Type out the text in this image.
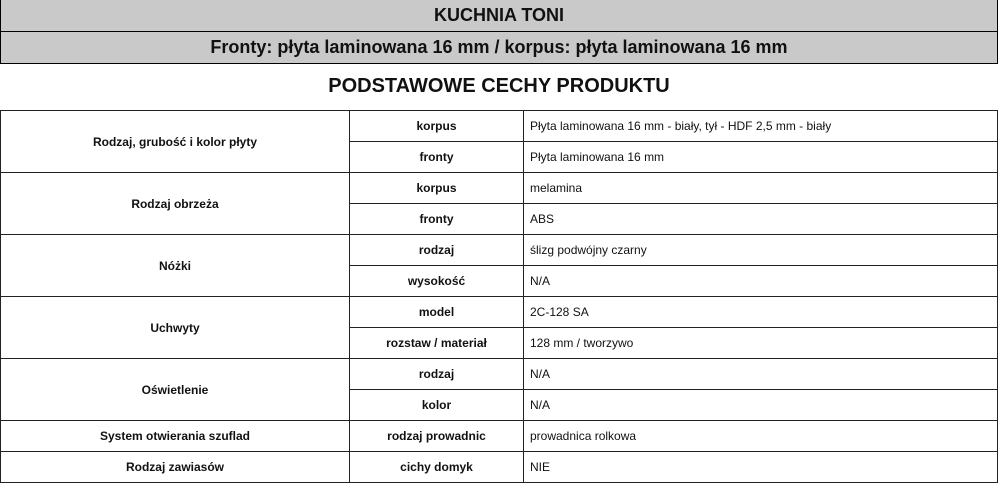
KUCHNIA TONI
Fronty: płyta laminowana 16 mm / korpus: płyta laminowana 16 mm
PODSTAWOWE CECHY PRODUKTU
Rodzaj, grubość i kolor płyty	korpus	Płyta laminowana 16 mm - biały, tył - HDF 2,5 mm - biały
	fronty	Płyta laminowana 16 mm
Rodzaj obrzeża	korpus	melamina
	fronty	ABS
Nóżki	rodzaj	ślizg podwójny czarny
	wysokość	N/A
Uchwyty	model	2C-128 SA
	rozstaw / materiał	128 mm / tworzywo
Oświetlenie	rodzaj	N/A
	kolor	N/A
System otwierania szuflad	rodzaj prowadnic	prowadnica rolkowa
Rodzaj zawiasów	cichy domyk	NIE
